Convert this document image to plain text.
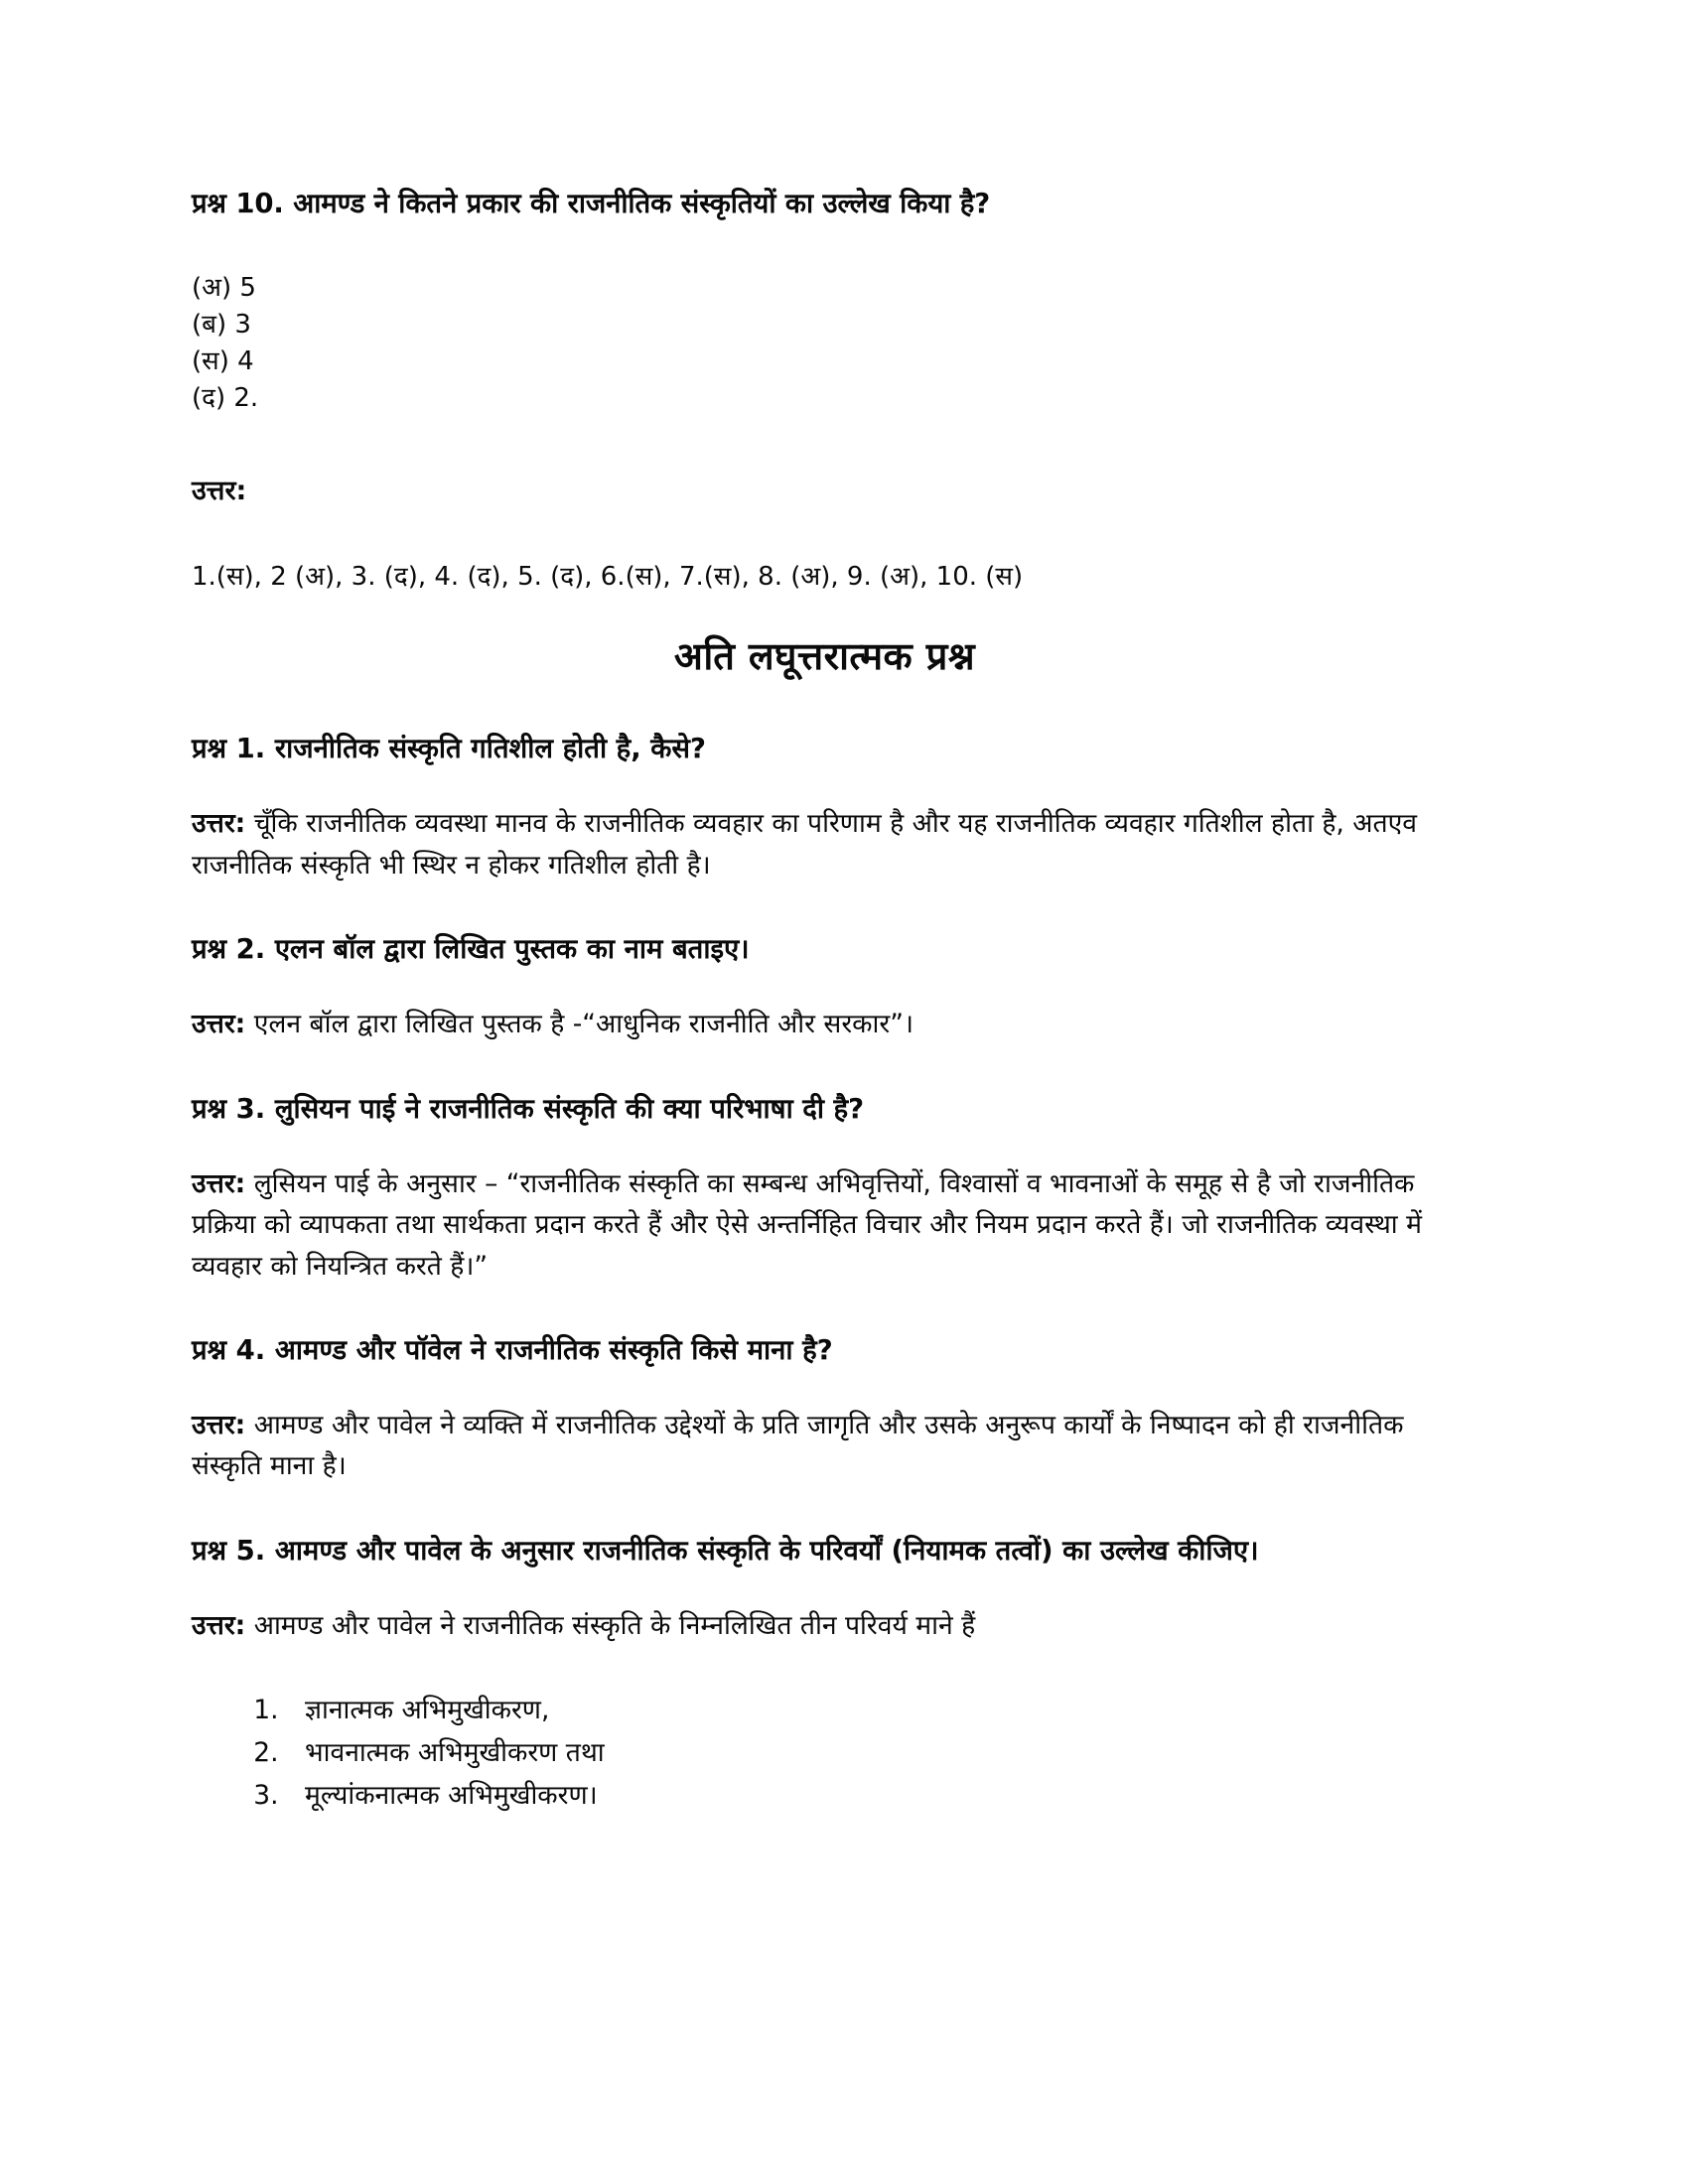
प्रश्न 10. आमण्ड ने कितने प्रकार की राजनीतिक संस्कृतियों का उल्लेख किया है?
(अ) 5
(ब) 3
(स) 4
(द) 2.

उत्तर:

1.(स), 2 (अ), 3. (द), 4. (द), 5. (द), 6.(स), 7.(स), 8. (अ), 9. (अ), 10. (स)

अति लघूत्तरात्मक प्रश्न
प्रश्न 1. राजनीतिक संस्कृति गतिशील होती है, कैसे?

उत्तर: चूँकि राजनीतिक व्यवस्था मानव के राजनीतिक व्यवहार का परिणाम है और यह राजनीतिक व्यवहार गतिशील होता है, अतएव राजनीतिक संस्कृति भी स्थिर न होकर गतिशील होती है।

प्रश्न 2. एलन बॉल द्वारा लिखित पुस्तक का नाम बताइए।

उत्तर: एलन बॉल द्वारा लिखित पुस्तक है -“आधुनिक राजनीति और सरकार”।

प्रश्न 3. लुसियन पाई ने राजनीतिक संस्कृति की क्या परिभाषा दी है?

उत्तर: लुसियन पाई के अनुसार – “राजनीतिक संस्कृति का सम्बन्ध अभिवृत्तियों, विश्वासों व भावनाओं के समूह से है जो राजनीतिक प्रक्रिया को व्यापकता तथा सार्थकता प्रदान करते हैं और ऐसे अन्तर्निहित विचार और नियम प्रदान करते हैं। जो राजनीतिक व्यवस्था में व्यवहार को नियन्त्रित करते हैं।”

प्रश्न 4. आमण्ड और पॉवेल ने राजनीतिक संस्कृति किसे माना है?

उत्तर: आमण्ड और पावेल ने व्यक्ति में राजनीतिक उद्देश्यों के प्रति जागृति और उसके अनुरूप कार्यों के निष्पादन को ही राजनीतिक संस्कृति माना है।

प्रश्न 5. आमण्ड और पावेल के अनुसार राजनीतिक संस्कृति के परिवर्यों (नियामक तत्वों) का उल्लेख कीजिए।

उत्तर: आमण्ड और पावेल ने राजनीतिक संस्कृति के निम्नलिखित तीन परिवर्य माने हैं

1. ज्ञानात्मक अभिमुखीकरण,
2. भावनात्मक अभिमुखीकरण तथा
3. मूल्यांकनात्मक अभिमुखीकरण।
